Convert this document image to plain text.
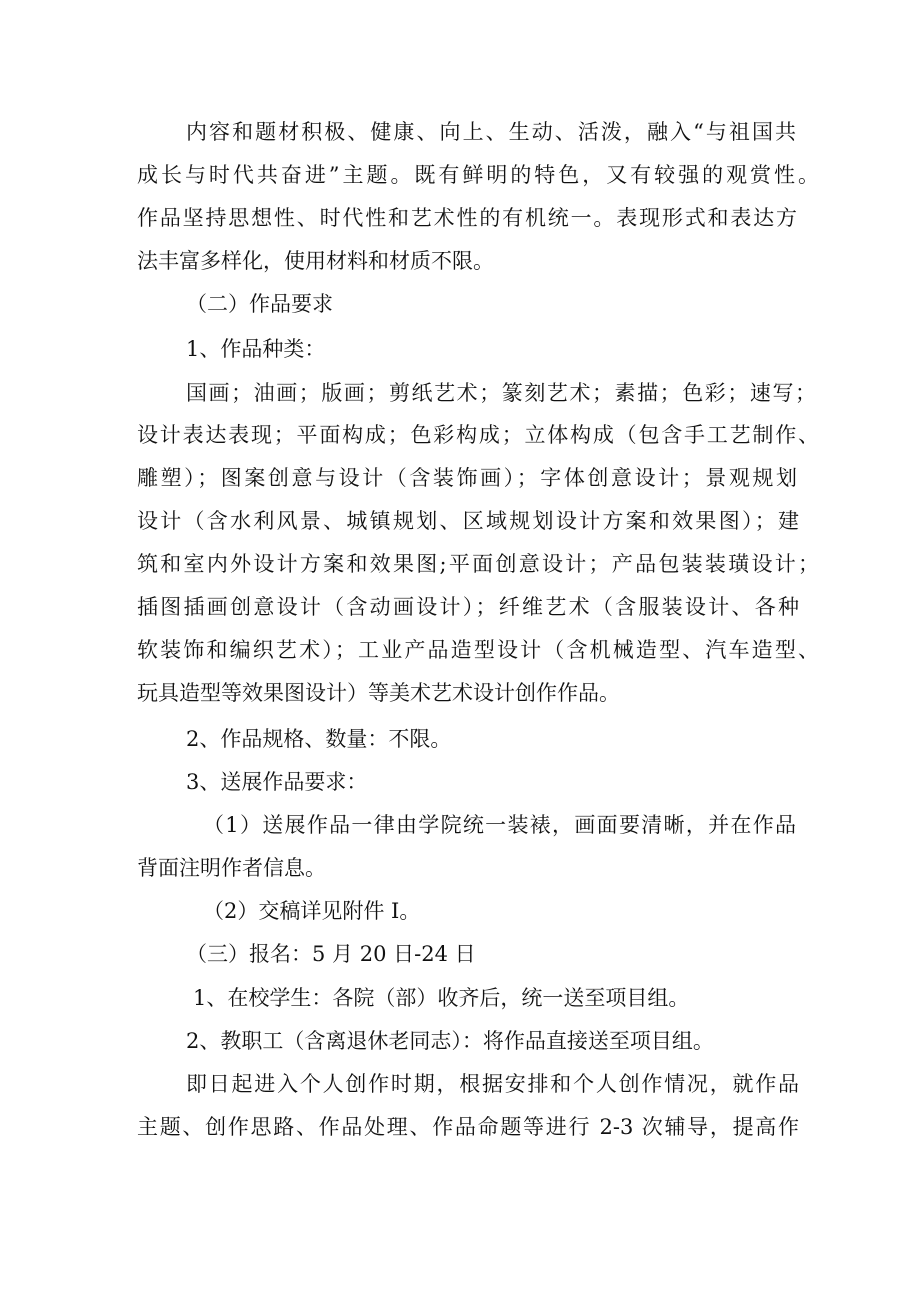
内容和题材积极、健康、向上、生动、活泼，融入“与祖国共
成长与时代共奋进”主题。既有鲜明的特色，又有较强的观赏性。
作品坚持思想性、时代性和艺术性的有机统一。表现形式和表达方
法丰富多样化，使用材料和材质不限。
（二）作品要求
1、作品种类：
国画；油画；版画；剪纸艺术；篆刻艺术；素描；色彩；速写；
设计表达表现；平面构成；色彩构成；立体构成（包含手工艺制作、
雕塑）；图案创意与设计（含装饰画）；字体创意设计；景观规划
设计（含水利风景、城镇规划、区域规划设计方案和效果图）；建
筑和室内外设计方案和效果图;平面创意设计；产品包装装璜设计；
插图插画创意设计（含动画设计）；纤维艺术（含服装设计、各种
软装饰和编织艺术）；工业产品造型设计（含机械造型、汽车造型、
玩具造型等效果图设计）等美术艺术设计创作作品。
2、作品规格、数量：不限。
3、送展作品要求：
（1）送展作品一律由学院统一装裱，画面要清晰，并在作品
背面注明作者信息。
（2）交稿详见附件 I。
（三）报名：5 月 20 日-24 日
1、在校学生：各院（部）收齐后，统一送至项目组。
2、教职工（含离退休老同志）：将作品直接送至项目组。
即日起进入个人创作时期，根据安排和个人创作情况，就作品
主题、创作思路、作品处理、作品命题等进行 2-3 次辅导，提高作
